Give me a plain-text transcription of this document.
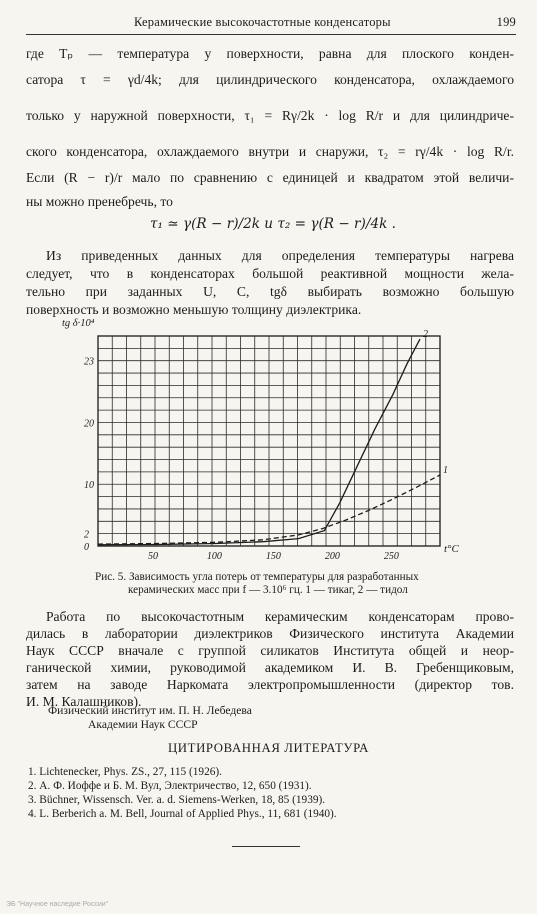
Керамические высокочастотные конденсаторы	199
где Tₚ — температура у поверхности, равна для плоского конден-
сатора τ = γd/4k; для цилиндрического конденсатора, охлаждаемого
только у наружной поверхности, τ₁ = Rγ/2k · log R/r и для цилиндриче-
ского конденсатора, охлаждаемого внутри и снаружи, τ₂ = rγ/4k · log R/r.
Если (R − r)/r мало по сравнению с единицей и квадратом этой величи-
ны можно пренебречь, то
τ₁ ≃ γ(R − r)/2k и τ₂ = γ(R − r)/4k .
Из приведенных данных для определения температуры нагрева
следует, что в конденсаторах большой реактивной мощности жела-
тельно при заданных U, C, tgδ выбирать возможно большую
поверхность и возможно меньшую толщину диэлектрика.
50	100	150	200	250
0
2
10
20
23
tg δ·10⁴
t°C
1
2
Рис. 5. Зависимость угла потерь от температуры для разработанных
керамических масс при f — 3.10⁶ гц. 1 — тикаг, 2 — тидол
Работа по высокочастотным керамическим конденсаторам прово-
дилась в лаборатории диэлектриков Физического института Академии
Наук СССР вначале с группой силикатов Института общей и неор-
ганической химии, руководимой академиком И. В. Гребенщиковым,
затем на заводе Наркомата электропромышленности (директор тов.
И. М. Калашников).
Физический институт им. П. Н. Лебедева
Академии Наук СССР
ЦИТИРОВАННАЯ ЛИТЕРАТУРА
1. Lichtenecker, Phys. ZS., 27, 115 (1926).
2. А. Ф. Иоффе и Б. М. Вул, Электричество, 12, 650 (1931).
3. Büchner, Wissensch. Ver. a. d. Siemens-Werken, 18, 85 (1939).
4. L. Berberich a. M. Bell, Journal of Applied Phys., 11, 681 (1940).
ЭБ "Научное наследие России"
